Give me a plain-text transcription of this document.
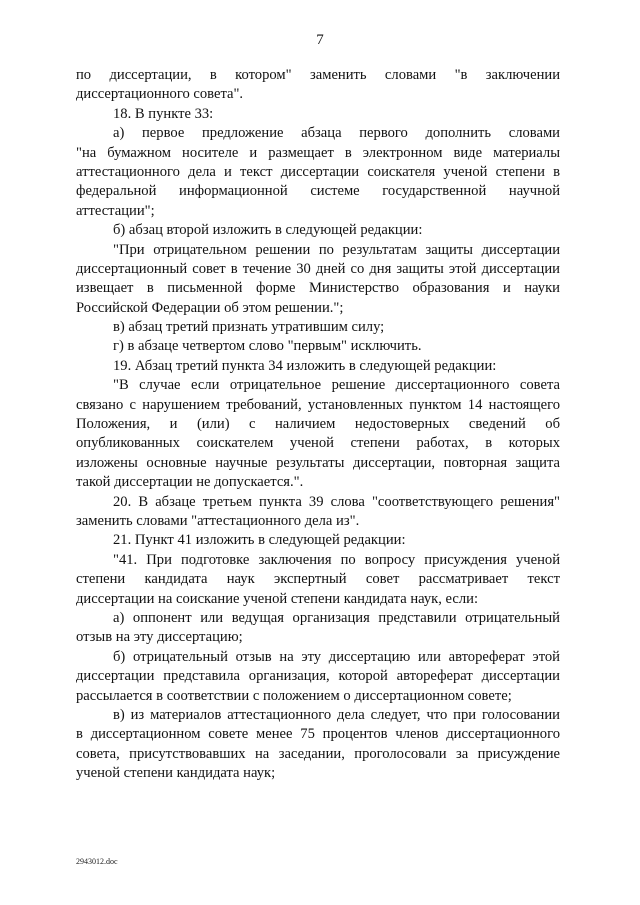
7
по диссертации, в котором" заменить словами "в заключении
диссертационного совета".
18. В пункте 33:
а) первое предложение абзаца первого дополнить словами
"на бумажном носителе и размещает в электронном виде материалы
аттестационного дела и текст диссертации соискателя ученой степени в
федеральной информационной системе государственной научной
аттестации";
б) абзац второй изложить в следующей редакции:
"При отрицательном решении по результатам защиты диссертации
диссертационный совет в течение 30 дней со дня защиты этой диссертации
извещает в письменной форме Министерство образования и науки
Российской Федерации об этом решении.";
в) абзац третий признать утратившим силу;
г) в абзаце четвертом слово "первым" исключить.
19. Абзац третий пункта 34 изложить в следующей редакции:
"В случае если отрицательное решение диссертационного совета
связано с нарушением требований, установленных пунктом 14 настоящего
Положения, и (или) с наличием недостоверных сведений об
опубликованных соискателем ученой степени работах, в которых
изложены основные научные результаты диссертации, повторная защита
такой диссертации не допускается.".
20. В абзаце третьем пункта 39 слова "соответствующего решения"
заменить словами "аттестационного дела из".
21. Пункт 41 изложить в следующей редакции:
"41. При подготовке заключения по вопросу присуждения ученой
степени кандидата наук экспертный совет рассматривает текст
диссертации на соискание ученой степени кандидата наук, если:
а) оппонент или ведущая организация представили отрицательный
отзыв на эту диссертацию;
б) отрицательный отзыв на эту диссертацию или автореферат этой
диссертации представила организация, которой автореферат диссертации
рассылается в соответствии с положением о диссертационном совете;
в) из материалов аттестационного дела следует, что при голосовании
в диссертационном совете менее 75 процентов членов диссертационного
совета, присутствовавших на заседании, проголосовали за присуждение
ученой степени кандидата наук;
2943012.doc
